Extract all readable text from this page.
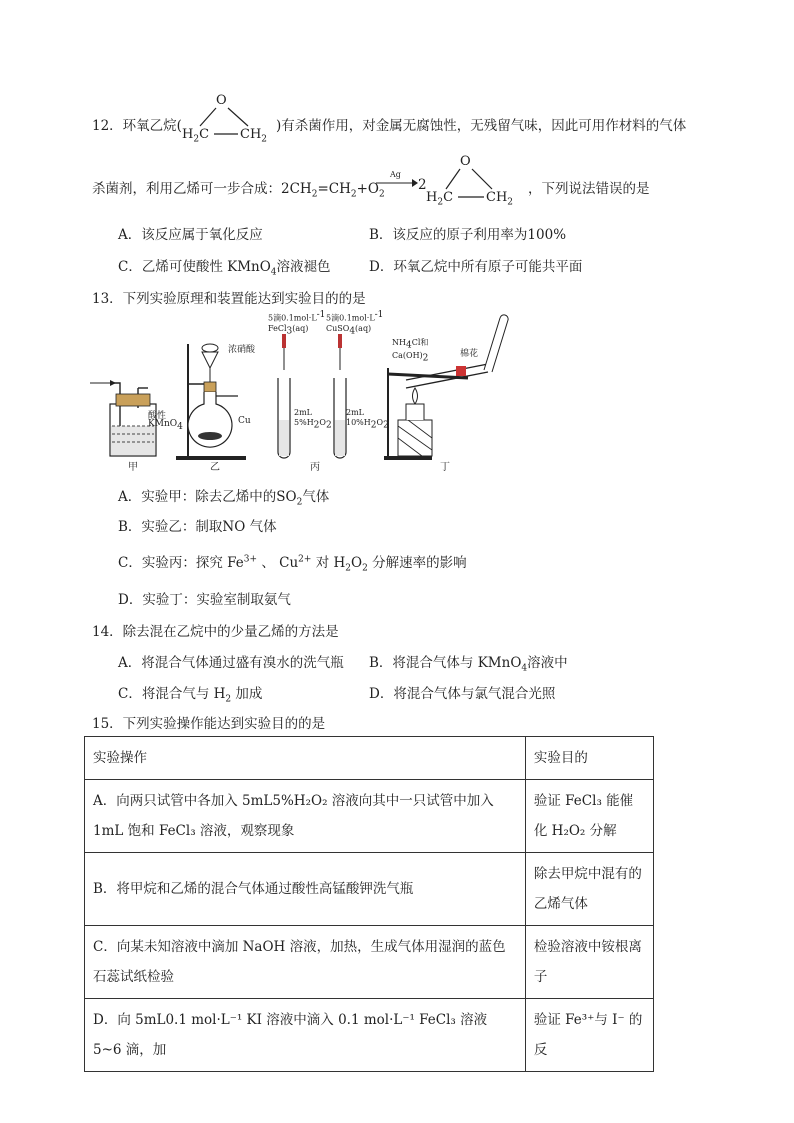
12．环氧乙烷(
O
$H_2C$ $CH_2$
)有杀菌作用，对金属无腐蚀性，无残留气味，因此可用作材料的气体
杀菌剂，利用乙烯可一步合成：$2CH_2=CH_2+O_2$
Ag
2
O
$H_2C$	$CH_2$
，下列说法错误的是
A．该反应属于氧化反应	B．该反应的原子利用率为100%
C．乙烯可使酸性 KMnO$_4$溶液褪色	D．环氧乙烷中所有原子可能共平面
13．下列实验原理和装置能达到实验目的的是
酸性
KMnO$_4$
甲
浓硝酸
Cu
乙
5滴$0.1mol\cdot L^{-1}$
FeCl$_3$(aq)
5滴$0.1mol\cdot L^{-1}$
CuSO$_4$(aq)
2mL
$5\%H_2O_2$
2mL
$10\%H_2O_2$
丙
$NH_4Cl$和
$Ca(OH)_2$	棉花
丁
A．实验甲：除去乙烯中的$SO_2$气体
B．实验乙：制取NO 气体
C．实验丙：探究 $Fe^{3+}$ 、 $Cu^{2+}$ 对 $H_2O_2$ 分解速率的影响
D．实验丁：实验室制取氨气
14．除去混在乙烷中的少量乙烯的方法是
A．将混合气体通过盛有溴水的洗气瓶 B．将混合气体与 KMnO$_4$溶液中
C．将混合气与 $H_2$ 加成	D．将混合气体与氯气混合光照
15．下列实验操作能达到实验目的的是
实验操作	实验目的
A．向两只试管中各加入 5mL5%H₂O₂ 溶液向其中一只试管中加入 1mL 饱和 FeCl₃ 溶液，观察现象	验证 FeCl₃ 能催化 H₂O₂ 分解
B．将甲烷和乙烯的混合气体通过酸性高锰酸钾洗气瓶	除去甲烷中混有的乙烯气体
C．向某未知溶液中滴加 NaOH 溶液，加热，生成气体用湿润的蓝色石蕊试纸检验	检验溶液中铵根离子
D．向 5mL0.1 mol·L⁻¹ KI 溶液中滴入 0.1 mol·L⁻¹ FeCl₃ 溶液 5~6 滴，加	验证 Fe³⁺与 I⁻ 的反
